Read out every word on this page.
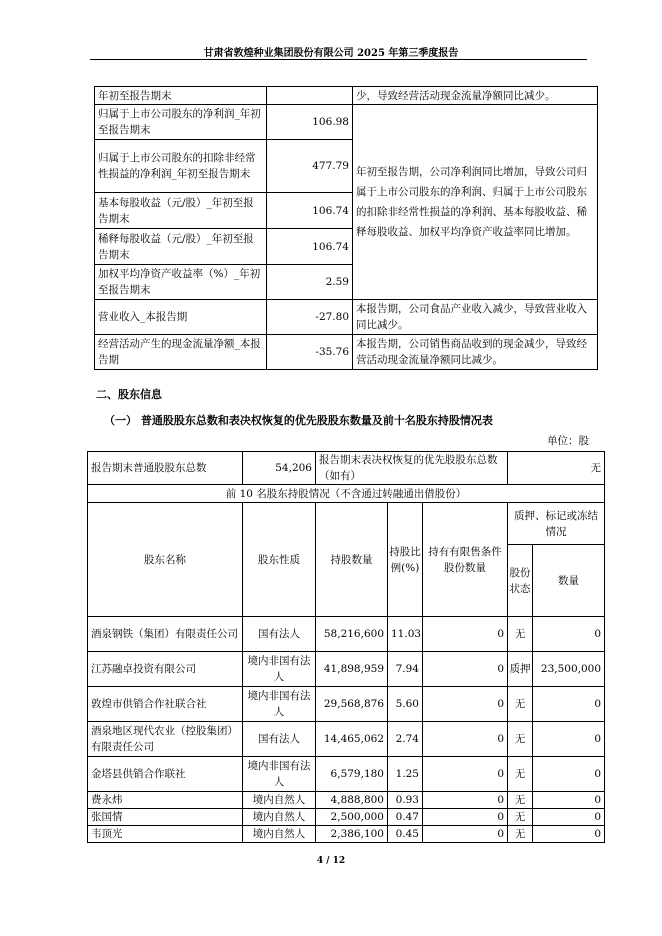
甘肃省敦煌种业集团股份有限公司 2025 年第三季度报告
年初至报告期末		少，导致经营活动现金流量净额同比减少。
归属于上市公司股东的净利润_年初至报告期末	106.98	年初至报告期，公司净利润同比增加，导致公司归属于上市公司股东的净利润、归属于上市公司股东的扣除非经常性损益的净利润、基本每股收益、稀释每股收益、加权平均净资产收益率同比增加。
归属于上市公司股东的扣除非经常性损益的净利润_年初至报告期末	477.79	
基本每股收益（元/股）_年初至报告期末	106.74	
稀释每股收益（元/股）_年初至报告期末	106.74	
加权平均净资产收益率（%）_年初至报告期末	2.59	
营业收入_本报告期	-27.80	本报告期，公司食品产业收入减少，导致营业收入同比减少。
经营活动产生的现金流量净额_本报告期	-35.76	本报告期，公司销售商品收到的现金减少，导致经营活动现金流量净额同比减少。
二、股东信息
（一） 普通股股东总数和表决权恢复的优先股股东数量及前十名股东持股情况表
单位：股
报告期末普通股股东总数	54,206	报告期末表决权恢复的优先股股东总数（如有）			无	
前 10 名股东持股情况（不含通过转融通出借股份）						
股东名称	股东性质	持股数量	持股比例(%)	持有有限售条件股份数量	质押、标记或冻结情况	
					股份状态	数量
酒泉钢铁（集团）有限责任公司	国有法人	58,216,600	11.03	0	无	0
江苏融卓投资有限公司	境内非国有法人	41,898,959	7.94	0	质押	23,500,000
敦煌市供销合作社联合社	境内非国有法人	29,568,876	5.60	0	无	0
酒泉地区现代农业（控股集团）有限责任公司	国有法人	14,465,062	2.74	0	无	0
金塔县供销合作联社	境内非国有法人	6,579,180	1.25	0	无	0
费永炜	境内自然人	4,888,800	0.93	0	无	0
张国情	境内自然人	2,500,000	0.47	0	无	0
韦顶光	境内自然人	2,386,100	0.45	0	无	0
4 / 12
